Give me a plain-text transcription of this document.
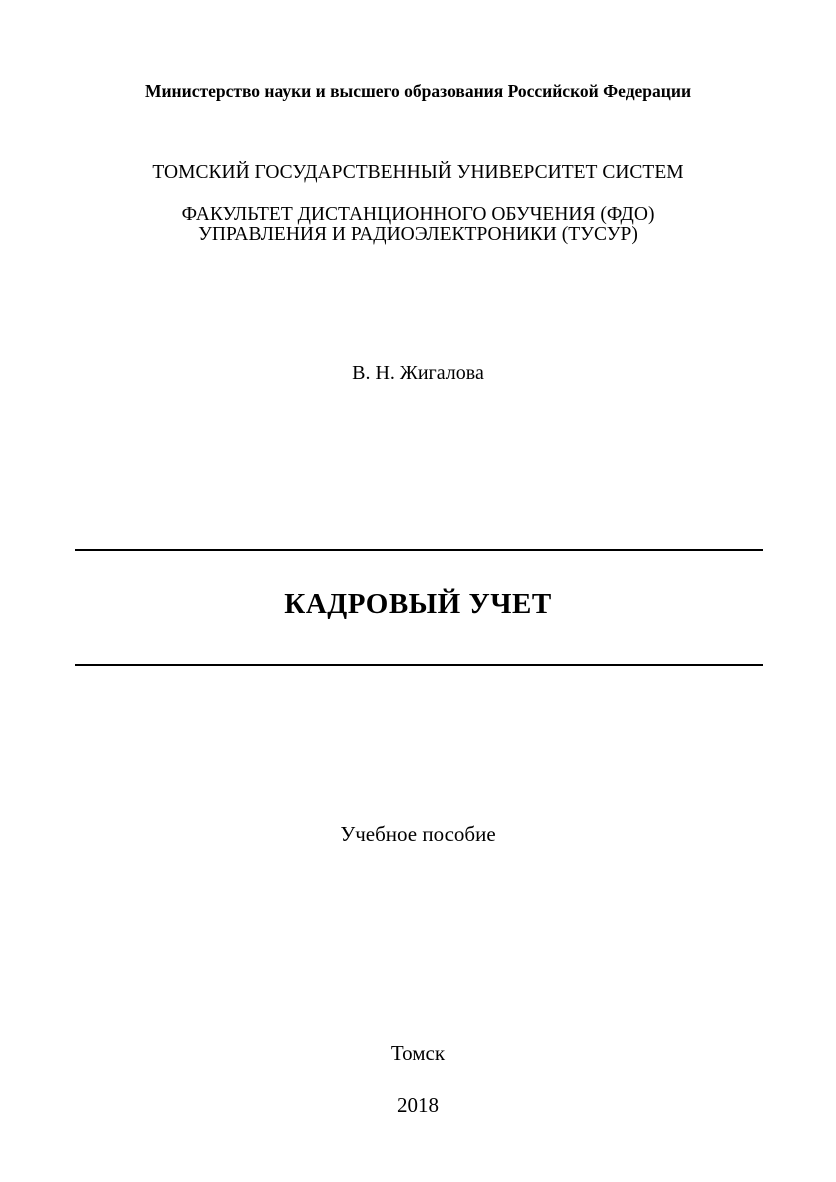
Министерство науки и высшего образования Российской Федерации

ТОМСКИЙ ГОСУДАРСТВЕННЫЙ УНИВЕРСИТЕТ СИСТЕМ

УПРАВЛЕНИЯ И РАДИОЭЛЕКТРОНИКИ (ТУСУР)

ФАКУЛЬТЕТ ДИСТАНЦИОННОГО ОБУЧЕНИЯ (ФДО)
В. Н. Жигалова
КАДРОВЫЙ УЧЕТ
Учебное пособие

Томск

2018
